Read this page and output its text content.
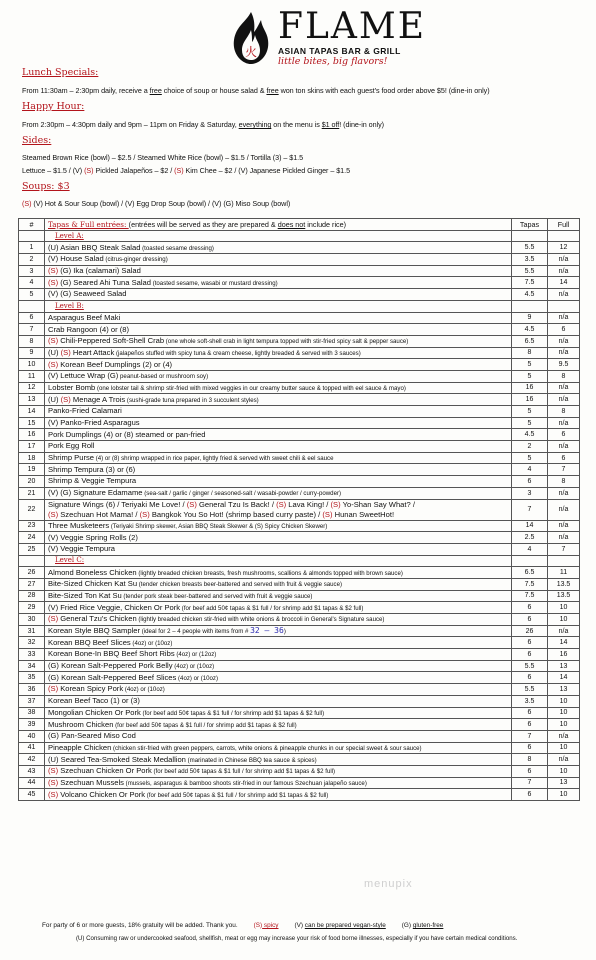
火
FLAME
ASIAN TAPAS BAR & GRILL
little bites, big flavors!
Lunch Specials:
From 11:30am – 2:30pm daily, receive a free choice of soup or house salad & free won ton skins with each guest's food order above $5! (dine-in only)
Happy Hour:
From 2:30pm – 4:30pm daily and 9pm – 11pm on Friday & Saturday, everything on the menu is $1 off! (dine-in only)
Sides:
Steamed Brown Rice (bowl) – $2.5 / Steamed White Rice (bowl) – $1.5 / Tortilla (3) – $1.5
Lettuce – $1.5 / (V) (S) Pickled Jalapeños – $2 / (S) Kim Chee – $2 / (V) Japanese Pickled Ginger – $1.5
Soups: $3
(S) (V) Hot & Sour Soup (bowl) / (V) Egg Drop Soup (bowl) / (V) (G) Miso Soup (bowl)
#	Tapas & Full entrées: (entrées will be served as they are prepared & does not include rice)	Tapas	Full
	Level A:		
1	(U) Asian BBQ Steak Salad (toasted sesame dressing)	5.5	12
2	(V) House Salad (citrus-ginger dressing)	3.5	n/a
3	(S) (G) Ika (calamari) Salad	5.5	n/a
4	(S) (G) Seared Ahi Tuna Salad (toasted sesame, wasabi or mustard dressing)	7.5	14
5	(V) (G) Seaweed Salad	4.5	n/a
	Level B:		
6	Asparagus Beef Maki	9	n/a
7	Crab Rangoon (4) or (8)	4.5	6
8	(S) Chili-Peppered Soft-Shell Crab (one whole soft-shell crab in light tempura topped with stir-fried spicy salt & pepper sauce)	6.5	n/a
9	(U) (S) Heart Attack (jalapeños stuffed with spicy tuna & cream cheese, lightly breaded & served with 3 sauces)	8	n/a
10	(S) Korean Beef Dumplings (2) or (4)	5	9.5
11	(V) Lettuce Wrap (G) peanut-based or mushroom soy)	5	8
12	Lobster Bomb (one lobster tail & shrimp stir-fried with mixed veggies in our creamy butter sauce & topped with eel sauce & mayo)	16	n/a
13	(U) (S) Menage A Trois (sushi-grade tuna prepared in 3 succulent styles)	16	n/a
14	Panko-Fried Calamari	5	8
15	(V) Panko-Fried Asparagus	5	n/a
16	Pork Dumplings (4) or (8) steamed or pan-fried	4.5	6
17	Pork Egg Roll	2	n/a
18	Shrimp Purse (4) or (8) shrimp wrapped in rice paper, lightly fried & served with sweet chili & eel sauce	5	6
19	Shrimp Tempura (3) or (6)	4	7
20	Shrimp & Veggie Tempura	6	8
21	(V) (G) Signature Edamame (sea-salt / garlic / ginger / seasoned-salt / wasabi-powder / curry-powder)	3	n/a
22	Signature Wings (6) / Teriyaki Me Love! / (S) General Tzu Is Back! / (S) Lava King! / (S) Yo-Shan Say What? /
(S) Szechuan Hot Mama! / (S) Bangkok You So Hot! (shrimp based curry paste) / (S) Hunan SweetHot!	7	n/a
23	Three Musketeers (Teriyaki Shrimp skewer, Asian BBQ Steak Skewer & (S) Spicy Chicken Skewer)	14	n/a
24	(V) Veggie Spring Rolls (2)	2.5	n/a
25	(V) Veggie Tempura	4	7
	Level C:		
26	Almond Boneless Chicken (lightly breaded chicken breasts, fresh mushrooms, scallions & almonds topped with brown sauce)	6.5	11
27	Bite-Sized Chicken Kat Su (tender chicken breasts beer-battered and served with fruit & veggie sauce)	7.5	13.5
28	Bite-Sized Ton Kat Su (tender pork steak beer-battered and served with fruit & veggie sauce)	7.5	13.5
29	(V) Fried Rice Veggie, Chicken Or Pork (for beef add 50¢ tapas & $1 full / for shrimp add $1 tapas & $2 full)	6	10
30	(S) General Tzu's Chicken (lightly breaded chicken stir-fried with white onions & broccoli in General's Signature sauce)	6	10
31	Korean Style BBQ Sampler (ideal for 2 – 4 people with items from # 32 – 36)	26	n/a
32	Korean BBQ Beef Slices (4oz) or (10oz)	6	14
33	Korean Bone-In BBQ Beef Short Ribs (4oz) or (12oz)	6	16
34	(G) Korean Salt-Peppered Pork Belly (4oz) or (10oz)	5.5	13
35	(G) Korean Salt-Peppered Beef Slices (4oz) or (10oz)	6	14
36	(S) Korean Spicy Pork (4oz) or (10oz)	5.5	13
37	Korean Beef Taco (1) or (3)	3.5	10
38	Mongolian Chicken Or Pork (for beef add 50¢ tapas & $1 full / for shrimp add $1 tapas & $2 full)	6	10
39	Mushroom Chicken (for beef add 50¢ tapas & $1 full / for shrimp add $1 tapas & $2 full)	6	10
40	(G) Pan-Seared Miso Cod	7	n/a
41	Pineapple Chicken (chicken stir-fried with green peppers, carrots, white onions & pineapple chunks in our special sweet & sour sauce)	6	10
42	(U) Seared Tea-Smoked Steak Medallion (marinated in Chinese BBQ tea sauce & spices)	8	n/a
43	(S) Szechuan Chicken Or Pork (for beef add 50¢ tapas & $1 full / for shrimp add $1 tapas & $2 full)	6	10
44	(S) Szechuan Mussels (mussels, asparagus & bamboo shoots stir-fried in our famous Szechuan jalapeño sauce)	7	13
45	(S) Volcano Chicken Or Pork (for beef add 50¢ tapas & $1 full / for shrimp add $1 tapas & $2 full)	6	10
menupix
For party of 6 or more guests, 18% gratuity will be added. Thank you.	(S) spicy	(V) can be prepared vegan-style	(G) gluten-free
(U) Consuming raw or undercooked seafood, shellfish, meat or egg may increase your risk of food borne illnesses, especially if you have certain medical conditions.
